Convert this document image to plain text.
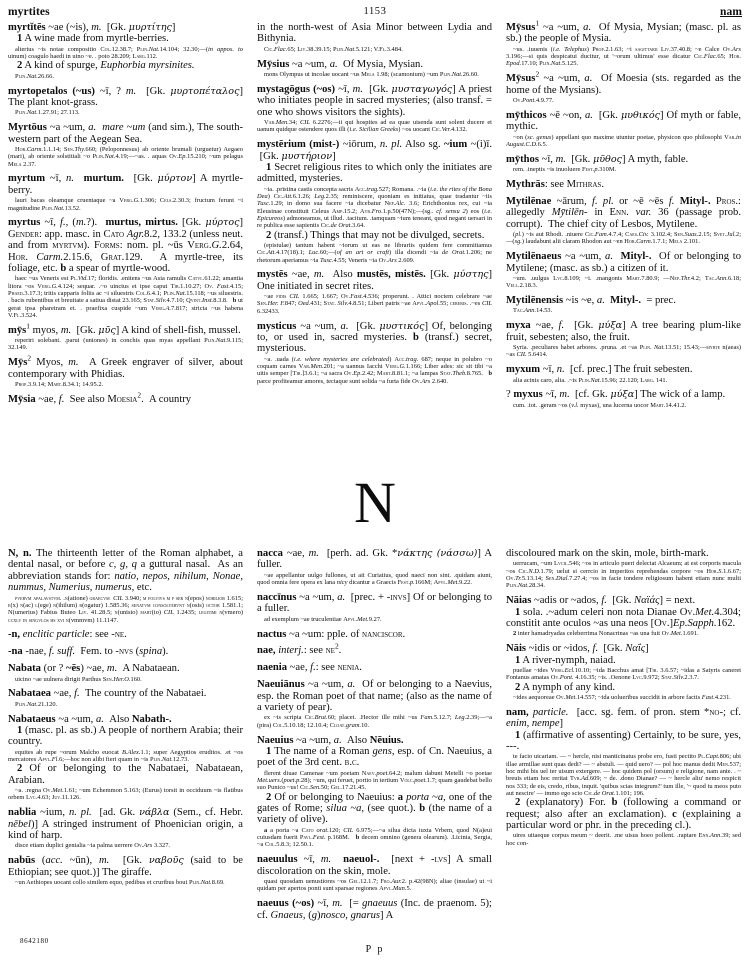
myrtites	1153	nam

myrtĭtēs ~ae (~is), m.  [Gk. μυρτίτης]

1 A wine made from myrtle-berries.

alterius ~is notae compositio Col.12.38.7; Plin.Nat.14.104; 32.30;—(in appos. to uinum) coagulo haedi in uino ~e. . poto 28.209; Larg.112.

2 A kind of spurge, Euphorbia myrsinites.

Plin.Nat.26.66.

myrtopetalos (~us) ~ī, ? m.  [Gk. μυρτοπέταλος] The plant knot-grass.

Plin.Nat.1.27.91; 27.113.

Myrtōus ~a ~um, a. mare ~um (and sim.), The south-western part of the Aegean Sea.

Hor.Carm.1.1.14; Sen.Thy.660; (Peloponnesus) ab oriente brumali (urguetur) Aegaeo (mari), ab oriente solstitiali ~o Plin.Nat.4.19;—~as. . aquas Ov.Ep.15.210; ~um pelagus Mela 2.37.

myrtum ~ī, n. murtum.  [Gk. μύρτον] A myrtle-berry.

lauri bacas oleamque cruentaque ~a Verg.G.1.306; Cels.2.30.3; fructum ferunt ~i magnitudine Plin.Nat.13.52.

myrtus ~ī, f., (m.?).  murtus, mirtus. [Gk. μύρτος] Gender: app. masc. in Cato Agr.8.2, 133.2 (unless neut. and from myrtvm). Forms: nom. pl. ~ūs Verg.G.2.64, Hor. Carm.2.15.6, Grat.129.  A myrtle-tree, its foliage, etc. b a spear of myrtle-wood.

haec ~us Veneris est Pl.Vid.17; floridis. .enitens ~us Asia ramulis Catvl.61.22; amantia litora ~os Verg.G.4.124; sequar. .~o uinctus et ipse caput Tib.1.10.27; Ov. Fast.4.15; Phaed.3.17.3; tritis capparis foliis ac ~i siluestris Col.6.4.1; Plin.Nat.15.118; ~us siluestris. . bacis rubentibus et breuitate a satiua distat 23.165; Stat.Silv.4.7.10; Qvint.Inst.8.3.8.   b ut gerat ipsa pharetram et. . praefixa cuspide ~um Verg.A.7.817; stricta ~us habena V.Fl.3.524.

mȳs$^1$ myos, m.  [Gk. μῦς] A kind of shell-fish, mussel.

reperiri solebant. .parui (uniones) in conchis quas myas appellant Plin.Nat.9.115; 32.149.

Mȳs$^2$ Myos, m.  A Greek engraver of silver, about contemporary with Phidias.

Prop.3.9.14; Mart.8.34.1; 14.95.2.

Mȳsia ~ae, f.  See also Moesia$^2$.  A country

in the north-west of Asia Minor between Lydia and Bithynia.

Cic.Flac.65; Liv.38.39.15; Plin.Nat.5.121; V.Fl.3.484.

Mȳsius ~a ~um, a.  Of Mysia, Mysian.

mons Olympus ut incolae uocant ~us Mela 1.98; (scamonium) ~um Plin.Nat.26.60.

mystagōgus (~os) ~ī, m.  [Gk. μυσταγωγός] A priest who initiates people in sacred mysteries; (also transf. = one who shows visitors the sights).

Var.Men.34; CIL 6.2276;—ii qui hospites ad ea quae uisenda sunt solent ducere et uanum quidque ostendere quos illi (i.e. Sicilian Greeks) ~os uocant Cic.Ver.4.132.

mystērium (mist-) ~iōrum, n. pl. Also sg. ~ium ~(i)ī.  [Gk. μυστήριον]

1 Secret religious rites to which only the initiates are admitted, mysteries.

~ia. .prīstina castis concepta sacris Acc.trag.527; Romana. .~ia (i.e. the rites of the Bona Dea) Cic.Att.6.1.26; Leg.2.35; reminiscere, quoniam es initiatus, quae tradantur ~iis Tusc.1.29; in domo sua facere ~ia dicebatur Nep.Alc. 3.6; Erichthonius rex, cui ~ia Eleusinae constituit Celeus Amp.15.2; Avr.Fro.1.p.50(47N);—(sg.. cf. sensu 2) eos (i.e. Epicureos) admoneamus, ut illud. .tacitum. .tamquam ~ium teneant, quod negant uersari in re publica esse sapientis Cic.de Orat.3.64.

2 (transf.) Things that may not be divulged, secrets.

(epistulae) tantum habent ~iorum ut eas ne librariis quidem fere committamus Cic.Att.4.17(18).1; Luc.60;—(of an art or craft) illa dicendi ~ia de Orat.1.206; ne rhetorum aperiamus ~ia Tusc.4.55; Veneris ~ia Ov.Ars 2.609.

mystēs ~ae, m.  Also mustēs, mistēs. [Gk. μύστης] One initiated in secret rites.

~ae fidis CIL 1.665; 1.667; Ov.Fast.4.536; properunt. . Attici noctem celebrare ~ae Sen.Her. F.847; Oed.431; Stat. Silv.4.8.51; Liberi patris ~ae Apvl.Apol.55; cereris. .~es CIL 6.32433.

mysticus ~a ~um, a.  [Gk. μυστικός] Of, belonging to, or used in, sacred mysteries. b (transf.) secret, mysterious.

~a. .uada (i.e. where mysteries are celebrated) Acc.trag. 687; neque in polubro ~o coquam carnes Var.Men.201; ~a uannus Iacchi Verg.G.1.166; Liber ades: sic sit tibi ~a uitis semper [Tib.]3.6.1; ~a sacra Ov.Ep.2.42; Mart.8.81.1; ~a lampas Stat.Theb.8.765.   b parce profiteamur amores, tectaque sunt solida ~a furta fide Ov.Ars 2.640.

Mȳsus$^1$ ~a ~um, a.  Of Mysia, Mysian; (masc. pl. as sb.) the people of Mysia.

~us. .iuuenis (i.e. Telephus) Prop.2.1.63; ~i sagittarii Liv.37.40.8; ~e Calce Ov.Ars 3.196;—si quis despicatui ducitur, ut '~orum ultimus' esse dicatur Cic.Flac.65; Hor. Epod.17.10; Plin.Nat.5.125.

Mȳsus$^2$ ~a ~um, a.  Of Moesia (sts. regarded as the home of the Mysians).

Ov.Pont.4.9.77.

mȳthicos ~ē ~on, a.  [Gk. μυθικός] Of myth or fable, mythic.

~on (sc. genus) appellant quo maxime utuntur poetae, physicon quo philosophi Var.in August.C.D.6.5.

mȳthos ~ī, m.  [Gk. μῦθος] A myth, fable.

rem. .ineptis ~is inuoluere Fest.p.310M.

Mythrās: see Mithras.

Mytilēnae ~ārum, f. pl. or ~ē ~ēs f. Mityl-. Pros.: allegedly Mȳtilēn- in Enn. var. 36 (passage prob. corrupt).  The chief city of Lesbos, Mytilene.

(pl.) ~is aut Rhodi. .niuere Cic.Fam.4.7.4; Caes.Civ. 3.102.4; Sen.Suas.2.15; Svet.Jul.2;—(sg.) laudabunt alii claram Rhodon aut ~en Hor.Carm.1.7.1; Mela 2.101.

Mytilēnaeus ~a ~um, a. Mityl-.  Of or belonging to Mytilene; (masc. as sb.) a citizen of it.

~um. .uulgus Lvc.8.109; ~i. .mangonis Mart.7.80.9; —Nep.Thr.4.2; Tac.Ann.6.18; Vell.2.18.3.

Mytilēnensis ~is ~e, a. Mityl-.  = prec.

Tac.Ann.14.53.

myxa ~ae, f.  [Gk. μύξα] A tree bearing plum-like fruit, sebesten; also, the fruit.

Syria. .peculiares habet arbores. .pruna. .et ~as Plin. Nat.13.51; 15.43;—myrte n(aeas) ~as CIL 5.6414.

myxum ~ī, n.  [cf. prec.] The fruit sebesten.

alia acinis caro, alia. .~is Plin.Nat.15.96; 22.120; Larg. 141.

? myxus ~ī, m.  [cf. Gk. μύξα] The wick of a lamp.

cum. .tot. .geram ~os (v.l. myxas), una lucerna uocor Mart.14.41.2.

N

N, n. The thirteenth letter of the Roman alphabet, a dental nasal, or before c, g, q a guttural nasal.  As an abbreviation stands for: natio, nepos, nihilum, Nonae, nummus, Numerius, numerus, etc.

pvervm apalavstvm. .n(atione) graecvm CIL 3.940; m folvivs m f ser n(epos) nobilior 1.615; e(x) n(ac) l(ege) n(ihilum) r(ogatur) 1.585.36; senatvm consolvervnt n(osis) octob 1.581.1; N(umerius) Fabius Buteo Liv. 41.28.5; n(unisio) mart(io) CIL 1.2435; legitimi n(vmero) ccxlv in singvlos hs xvi n(vmmvm) 11.1147.

-n, enclitic particle: see -ne.

-na -nae, f. suff.  Fem. to -nvs (spina).

Nabata (or ? ~ēs) ~ae, m.  A Nabataean.

uicino ~ae uulnera dirigit Parthus Sen.Her.O.160.

Nabataea ~ae, f.  The country of the Nabataei.

Plin.Nat.21.120.

Nabataeus ~a ~um, a.  Also Nabath-.

1 (masc. pl. as sb.) A people of northern Arabia; their country.

equites ab rupe ~orum Malcho euocat B.Alex.1.1; super Aegyptios eruditos. .et ~os mercatores Apvl.Fl.6;—hoc non alibi fieri quam in ~is Plin.Nat.12.73.

2 Of or belonging to the Nabataei, Nabataean, Arabian.

~a. .regna Ov.Met.1.61; ~um Echemmon 5.163; (Eurus) torsit in occiduum ~is flatibus orbem Lvc.4.63; Juv.11.126.

nablia ~ium, n. pl.  [ad. Gk. νάβλα (Sem., cf. Hebr. nēbel)] A stringed instrument of Phoenician origin, a kind of harp.

disce etiam duplici genialia ~ia palma uerrere Ov.Ars 3.327.

nabūs (acc. ~ūn), m.  [Gk. ναβοῦς (said to be Ethiopian; see quot.)] The giraffe.

~un Aethiopes uocant collo similem equo, pedibus et cruribus boui Plin.Nat.8.69.

nacca ~ae, m.  [perh. ad. Gk. *νάκτης (νάσσω)] A fuller.

~ae appellantur uulgo fullones, ut ait Curiatius, quod naecī non sint. .quidam aiunt, quod omnia fere opera ex lana nicy dicantur a Graecis Fest.p.166M; Apvl.Met.9.22.

naccīnus ~a ~um, a.  [prec. + -invs] Of or belonging to a fuller.

ad exemplum ~ae truculentiae Apvl.Met.9.27.

nactus ~a ~um: pple. of nanciscor.

nae, interj.: see $ne^2$.

naenia ~ae, f.: see nenia.

Naeuiānus ~a ~um, a.  Of or belonging to a Naevius, esp. the Roman poet of that name; (also as the name of a variety of pear).

ex ~is scripta Cic.Brut.60; placet. .Hector ille mihi ~us Fam.5.12.7; Leg.2.39;—~a (pira) Col.5.10.18; 12.10.4; Cloat.gram.10.

Naeuius ~a ~um, a.  Also Nēuius.

1 The name of a Roman gens, esp. of Cn. Naeuius, a poet of the 3rd cent. b.c.

flerent diuae Camenae ~um poetam Naev.poet.64.2; malum dabunt Metelli ~o poetae Met.uers.(poet.p.28); ~um, qui feruet, portio in tertium Volc.poet.1.7; quam gaudebat bello suo Punico ~us! Cic.Sen.50; Gel.17.21.45.

2 Of or belonging to Naeuius: a porta ~a, one of the gates of Rome; silua ~a, (see quot.). b (the name of a variety of olive).

a a porta ~a Cato orat.120; CIL 6.975;—~a silua dicta iuxta Vrbem, quod N(a)eui cuiusdam fuerit Pavl.Fest. p.168M.   b decem omnino (genera olearum). .Licinia, Sergia, ~a Col.5.8.3; 12.50.1.

naeuulus ~ī, m. naeuol-.  [next + -lvs] A small discoloration on the skin, mole.

quasi quosdam uenustiores ~os Gel.12.1.7; Fro.Aur.2. p.42(98N); aliae (insulae) ut ~i quidam per apertos ponti sunt sparsae regiones Apvl.Mun.5.

naeuus (~os) ~ī, m.  [= gnaeuus (Inc. de praenom. 5); cf. Gnaeus, (g)nosco, gnarus] A

discoloured mark on the skin, mole, birth-mark.

uerrucam, ~um Lvcil.546; ~os in articulo pueri delectat Alcaeum; at est corporis macula ~os Cic.N.D.1.79; uelut si cerrcio in imperitos reprehendas corpore ~os Hor.S.1.6.67; Ov.Tr.5.13.14; Sen.Dial.7.27.4; ~os in facie tondere religiosum habent etiam nunc multi Plin.Nat.28.34.

Nāias ~adis or ~ados, f.  [Gk. Ναϊάς] = next.

1 sola. .~adum celeri non nota Dianae Ov.Met.4.304; constitit ante oculos ~as una neos [Ov.]Ep.Sapph.162.

2 inter hamadryadas celeberrima Nonacrinas ~as una fuit Ov.Met.1.691.

Nāis ~idis or ~idos, f.  [Gk. Ναΐς]

1 A river-nymph, naiad.

puellae ~ides Verg.Ecl.10.10; ~ida Bacchus amat [Tib. 3.6.57; ~idas a Satyris caneret Fontanus amatas Ov.Pont. 4.16.35; ~is. .Oenone Lvc.9.972; Stat.Silv.2.3.7.

2 A nymph of any kind.

~ides aequoreae Ov.Met.14.557; ~ida uoluerībus succīdit in arbore factis Fast.4.231.

nam, particle.  [acc. sg. fem. of pron. stem *no-; cf. enim, nempe]

1 (affirmative of assenting) Certainly, to be sure, yes, ---.

te facio uicariam. — ~ hercle, nisi manticinatus probe ero, fusti pectito Pl.Capt.806; ubi illae armillae sunt quas dedi? — ~ abstuli. — quid uero? — pol hoc manus dedit Men.537; hoc mihi bis uel ter uisum extergere. — hoc quidem pol (orsum) e religione, nam ante. . ~ breuis etiam hoc reritat Tvr.Ad.609; ~ de. .dono Dianae? — ~ hercle aliu' nemo respicit nos 333; de eis, credo, ribus, inquit. 'quibus scias integrum?' tum ille, '~ quod tu meos puto aut nescire' — immo ego scio Cic.de Orat.1.101; 196.

2 (explanatory) For. b (following a command or request; also after an exclamation). c (explaining a particular word or phr. in the preceding cl.).

uires uitaeque corpus meum ~ deerit. .me uisus hoeo pollent. .raptare Enn.Ann.39; sed hoc con-

8642180
P p
